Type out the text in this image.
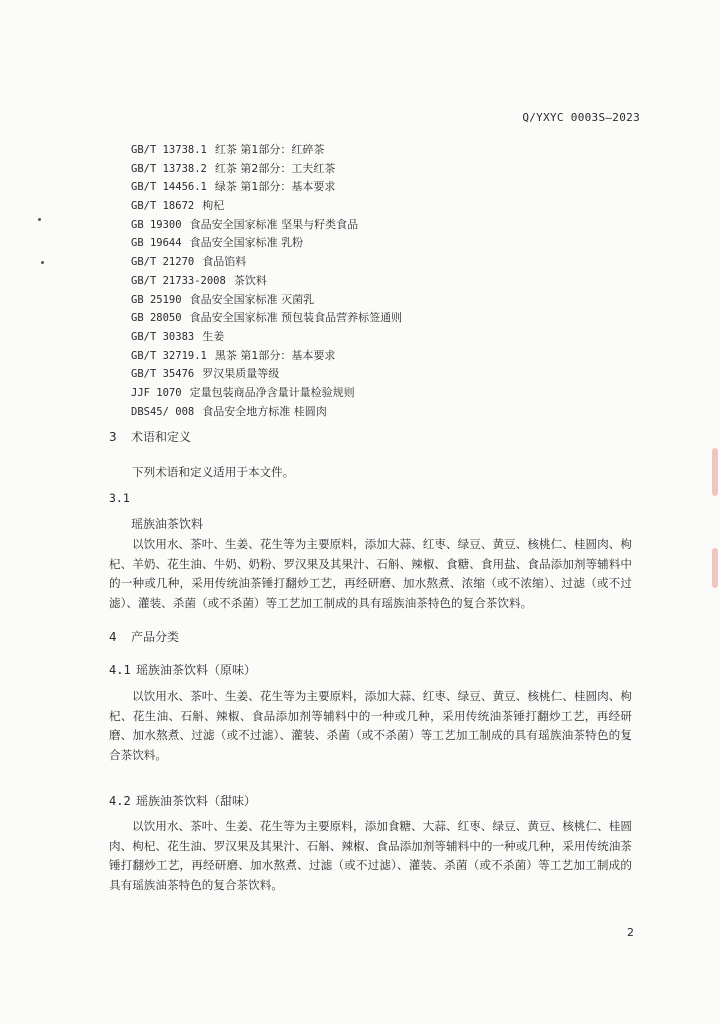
Q/YXYC 0003S—2023
GB/T 13738.1 红茶 第1部分：红碎茶
GB/T 13738.2 红茶 第2部分：工夫红茶
GB/T 14456.1 绿茶 第1部分：基本要求
GB/T 18672 枸杞
GB 19300 食品安全国家标准 坚果与籽类食品
GB 19644 食品安全国家标准 乳粉
GB/T 21270 食品馅料
GB/T 21733-2008 茶饮料
GB 25190 食品安全国家标准 灭菌乳
GB 28050 食品安全国家标准 预包装食品营养标签通则
GB/T 30383 生姜
GB/T 32719.1 黑茶 第1部分：基本要求
GB/T 35476 罗汉果质量等级
JJF 1070 定量包装商品净含量计量检验规则
DBS45/ 008 食品安全地方标准 桂圆肉
3 术语和定义
下列术语和定义适用于本文件。
3.1
瑶族油茶饮料
以饮用水、茶叶、生姜、花生等为主要原料，添加大蒜、红枣、绿豆、黄豆、核桃仁、桂圆肉、枸杞、羊奶、花生油、牛奶、奶粉、罗汉果及其果汁、石斛、辣椒、食糖、食用盐、食品添加剂等辅料中的一种或几种，采用传统油茶锤打翻炒工艺，再经研磨、加水熬煮、浓缩（或不浓缩）、过滤（或不过滤）、灌装、杀菌（或不杀菌）等工艺加工制成的具有瑶族油茶特色的复合茶饮料。
4 产品分类
4.1 瑶族油茶饮料（原味）
以饮用水、茶叶、生姜、花生等为主要原料，添加大蒜、红枣、绿豆、黄豆、核桃仁、桂圆肉、枸杞、花生油、石斛、辣椒、食品添加剂等辅料中的一种或几种，采用传统油茶锤打翻炒工艺，再经研磨、加水熬煮、过滤（或不过滤）、灌装、杀菌（或不杀菌）等工艺加工制成的具有瑶族油茶特色的复合茶饮料。
4.2 瑶族油茶饮料（甜味）
以饮用水、茶叶、生姜、花生等为主要原料，添加食糖、大蒜、红枣、绿豆、黄豆、核桃仁、桂圆肉、枸杞、花生油、罗汉果及其果汁、石斛、辣椒、食品添加剂等辅料中的一种或几种，采用传统油茶锤打翻炒工艺，再经研磨、加水熬煮、过滤（或不过滤）、灌装、杀菌（或不杀菌）等工艺加工制成的具有瑶族油茶特色的复合茶饮料。
2
